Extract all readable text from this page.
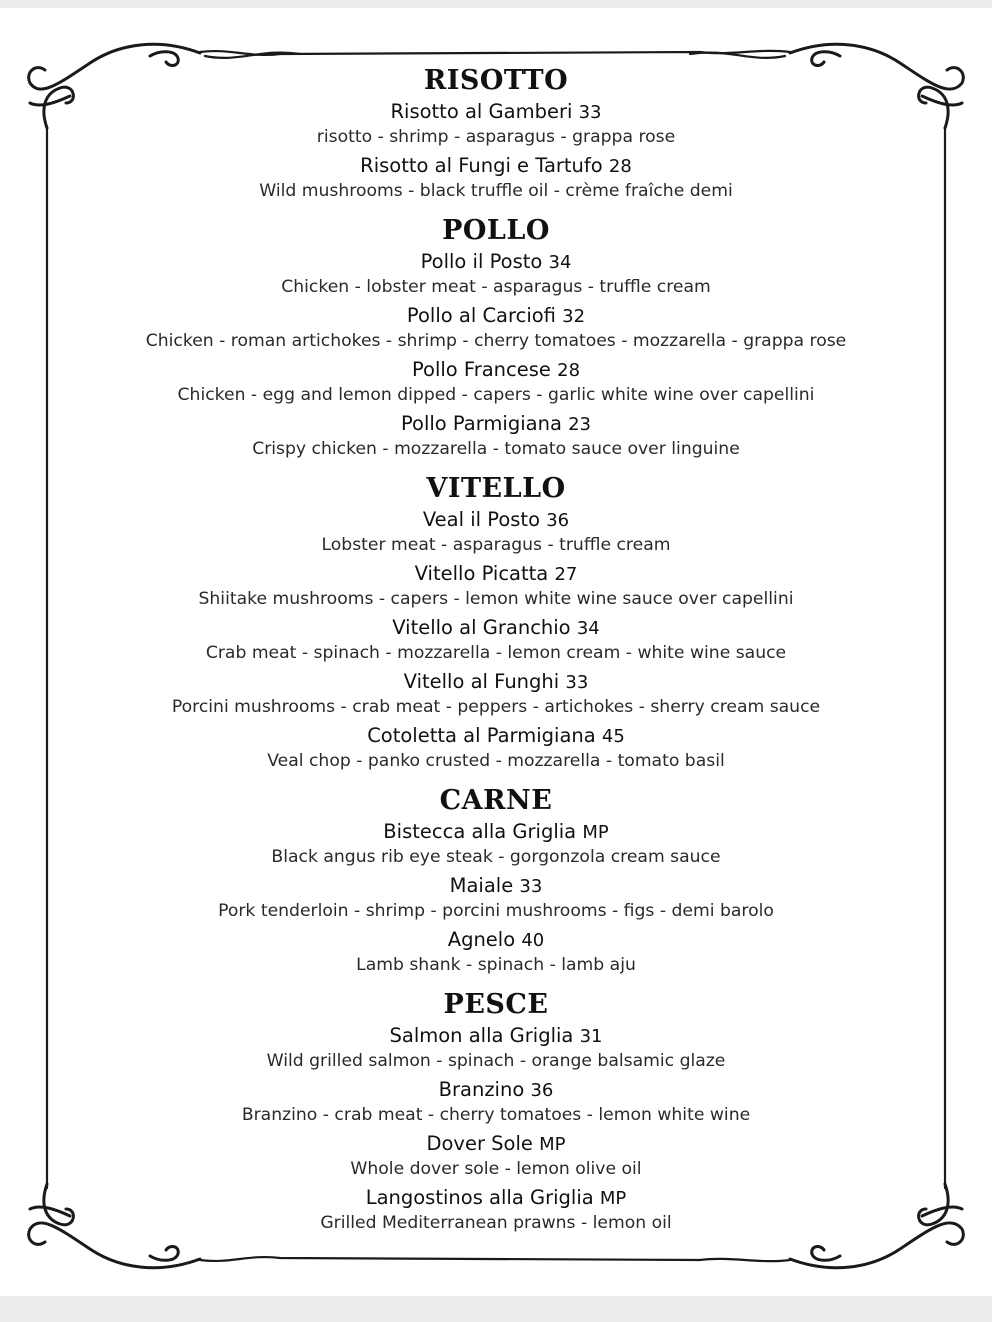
RISOTTO
Risotto al Gamberi 33
risotto - shrimp - asparagus - grappa rose
Risotto al Fungi e Tartufo 28
Wild mushrooms - black truffle oil - crème fraîche demi
POLLO
Pollo il Posto 34
Chicken - lobster meat - asparagus - truffle cream
Pollo al Carciofi 32
Chicken - roman artichokes - shrimp - cherry tomatoes - mozzarella - grappa rose
Pollo Francese 28
Chicken - egg and lemon dipped - capers - garlic white wine over capellini
Pollo Parmigiana 23
Crispy chicken - mozzarella - tomato sauce over linguine
VITELLO
Veal il Posto 36
Lobster meat - asparagus - truffle cream
Vitello Picatta 27
Shiitake mushrooms - capers - lemon white wine sauce over capellini
Vitello al Granchio 34
Crab meat - spinach - mozzarella - lemon cream - white wine sauce
Vitello al Funghi 33
Porcini mushrooms - crab meat - peppers - artichokes - sherry cream sauce
Cotoletta al Parmigiana 45
Veal chop - panko crusted - mozzarella - tomato basil
CARNE
Bistecca alla Griglia MP
Black angus rib eye steak - gorgonzola cream sauce
Maiale 33
Pork tenderloin - shrimp - porcini mushrooms - figs - demi barolo
Agnelo 40
Lamb shank - spinach - lamb aju
PESCE
Salmon alla Griglia 31
Wild grilled salmon - spinach - orange balsamic glaze
Branzino 36
Branzino - crab meat - cherry tomatoes - lemon white wine
Dover Sole MP
Whole dover sole - lemon olive oil
Langostinos alla Griglia MP
Grilled Mediterranean prawns - lemon oil
